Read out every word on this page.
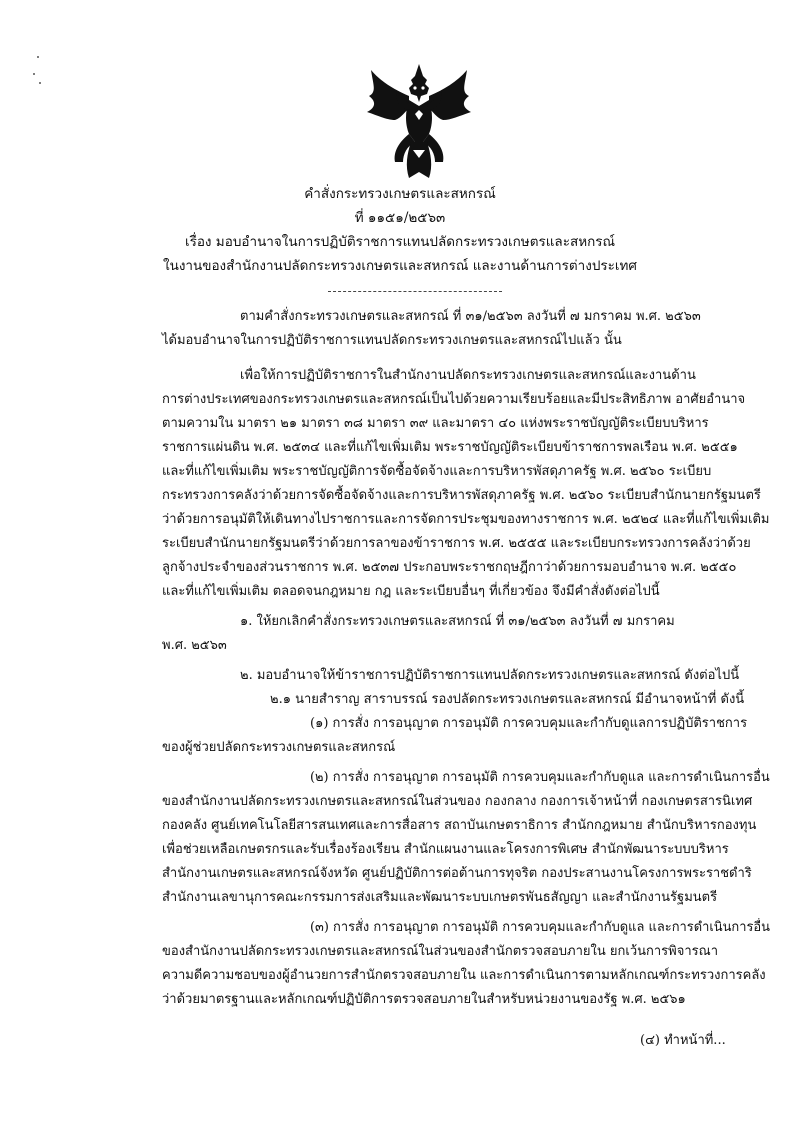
คำสั่งกระทรวงเกษตรและสหกรณ์
ที่ ๑๑๕๑/๒๕๖๓
เรื่อง มอบอำนาจในการปฏิบัติราชการแทนปลัดกระทรวงเกษตรและสหกรณ์
ในงานของสำนักงานปลัดกระทรวงเกษตรและสหกรณ์ และงานด้านการต่างประเทศ
ตามคำสั่งกระทรวงเกษตรและสหกรณ์ ที่ ๓๑/๒๕๖๓ ลงวันที่ ๗ มกราคม พ.ศ. ๒๕๖๓
ได้มอบอำนาจในการปฏิบัติราชการแทนปลัดกระทรวงเกษตรและสหกรณ์ไปแล้ว นั้น
เพื่อให้การปฏิบัติราชการในสำนักงานปลัดกระทรวงเกษตรและสหกรณ์และงานด้าน
การต่างประเทศของกระทรวงเกษตรและสหกรณ์เป็นไปด้วยความเรียบร้อยและมีประสิทธิภาพ อาศัยอำนาจ
ตามความใน มาตรา ๒๑ มาตรา ๓๘ มาตรา ๓๙ และมาตรา ๔๐ แห่งพระราชบัญญัติระเบียบบริหาร
ราชการแผ่นดิน พ.ศ. ๒๕๓๔ และที่แก้ไขเพิ่มเติม พระราชบัญญัติระเบียบข้าราชการพลเรือน พ.ศ. ๒๕๕๑
และที่แก้ไขเพิ่มเติม พระราชบัญญัติการจัดซื้อจัดจ้างและการบริหารพัสดุภาครัฐ พ.ศ. ๒๕๖๐ ระเบียบ
กระทรวงการคลังว่าด้วยการจัดซื้อจัดจ้างและการบริหารพัสดุภาครัฐ พ.ศ. ๒๕๖๐ ระเบียบสำนักนายกรัฐมนตรี
ว่าด้วยการอนุมัติให้เดินทางไปราชการและการจัดการประชุมของทางราชการ พ.ศ. ๒๕๒๔ และที่แก้ไขเพิ่มเติม
ระเบียบสำนักนายกรัฐมนตรีว่าด้วยการลาของข้าราชการ พ.ศ. ๒๕๕๕ และระเบียบกระทรวงการคลังว่าด้วย
ลูกจ้างประจำของส่วนราชการ พ.ศ. ๒๕๓๗ ประกอบพระราชกฤษฎีกาว่าด้วยการมอบอำนาจ พ.ศ. ๒๕๕๐
และที่แก้ไขเพิ่มเติม ตลอดจนกฎหมาย กฎ และระเบียบอื่นๆ ที่เกี่ยวข้อง จึงมีคำสั่งดังต่อไปนี้
๑. ให้ยกเลิกคำสั่งกระทรวงเกษตรและสหกรณ์ ที่ ๓๑/๒๕๖๓ ลงวันที่ ๗ มกราคม
พ.ศ. ๒๕๖๓
๒. มอบอำนาจให้ข้าราชการปฏิบัติราชการแทนปลัดกระทรวงเกษตรและสหกรณ์ ดังต่อไปนี้
๒.๑ นายสำราญ สาราบรรณ์ รองปลัดกระทรวงเกษตรและสหกรณ์ มีอำนาจหน้าที่ ดังนี้
(๑) การสั่ง การอนุญาต การอนุมัติ การควบคุมและกำกับดูแลการปฏิบัติราชการ
ของผู้ช่วยปลัดกระทรวงเกษตรและสหกรณ์
(๒) การสั่ง การอนุญาต การอนุมัติ การควบคุมและกำกับดูแล และการดำเนินการอื่น
ของสำนักงานปลัดกระทรวงเกษตรและสหกรณ์ในส่วนของ กองกลาง กองการเจ้าหน้าที่ กองเกษตรสารนิเทศ
กองคลัง ศูนย์เทคโนโลยีสารสนเทศและการสื่อสาร สถาบันเกษตราธิการ สำนักกฎหมาย สำนักบริหารกองทุน
เพื่อช่วยเหลือเกษตรกรและรับเรื่องร้องเรียน สำนักแผนงานและโครงการพิเศษ สำนักพัฒนาระบบบริหาร
สำนักงานเกษตรและสหกรณ์จังหวัด ศูนย์ปฏิบัติการต่อต้านการทุจริต กองประสานงานโครงการพระราชดำริ
สำนักงานเลขานุการคณะกรรมการส่งเสริมและพัฒนาระบบเกษตรพันธสัญญา และสำนักงานรัฐมนตรี
(๓) การสั่ง การอนุญาต การอนุมัติ การควบคุมและกำกับดูแล และการดำเนินการอื่น
ของสำนักงานปลัดกระทรวงเกษตรและสหกรณ์ในส่วนของสำนักตรวจสอบภายใน ยกเว้นการพิจารณา
ความดีความชอบของผู้อำนวยการสำนักตรวจสอบภายใน และการดำเนินการตามหลักเกณฑ์กระทรวงการคลัง
ว่าด้วยมาตรฐานและหลักเกณฑ์ปฏิบัติการตรวจสอบภายในสำหรับหน่วยงานของรัฐ พ.ศ. ๒๕๖๑
(๔) ทำหน้าที่...
